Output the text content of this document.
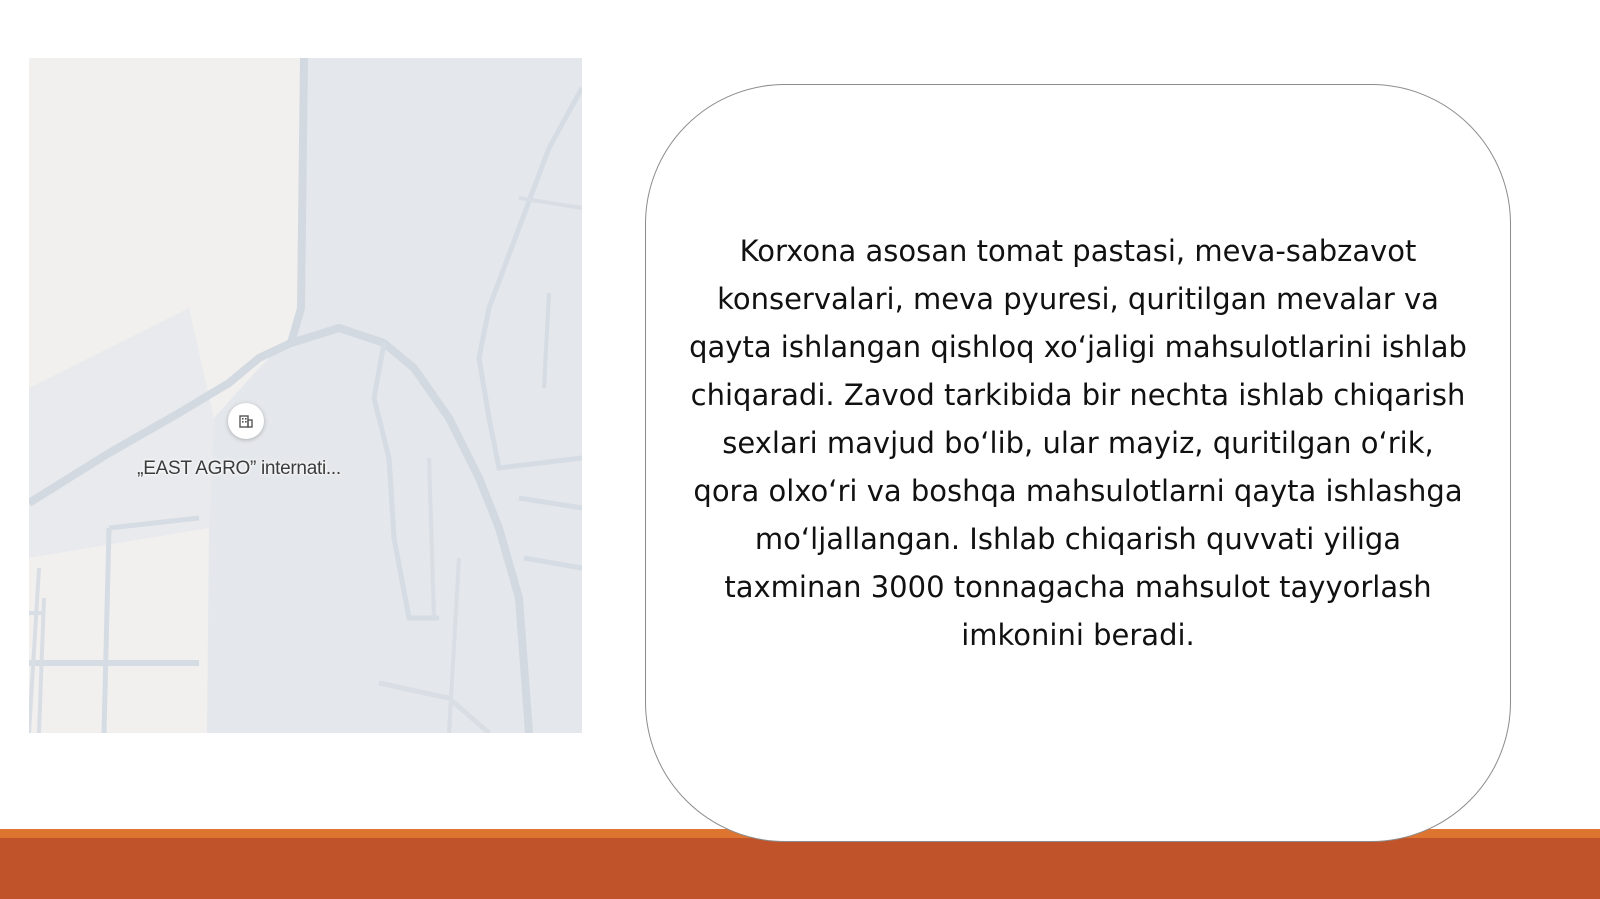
„EAST AGRO” internati...

Korxona asosan tomat pastasi, meva-sabzavot konservalari, meva pyuresi, quritilgan mevalar va qayta ishlangan qishloq xoʻjaligi mahsulotlarini ishlab chiqaradi. Zavod tarkibida bir nechta ishlab chiqarish sexlari mavjud boʻlib, ular mayiz, quritilgan oʻrik, qora olxoʻri va boshqa mahsulotlarni qayta ishlashga moʻljallangan. Ishlab chiqarish quvvati yiliga taxminan 3000 tonnagacha mahsulot tayyorlash imkonini beradi.
